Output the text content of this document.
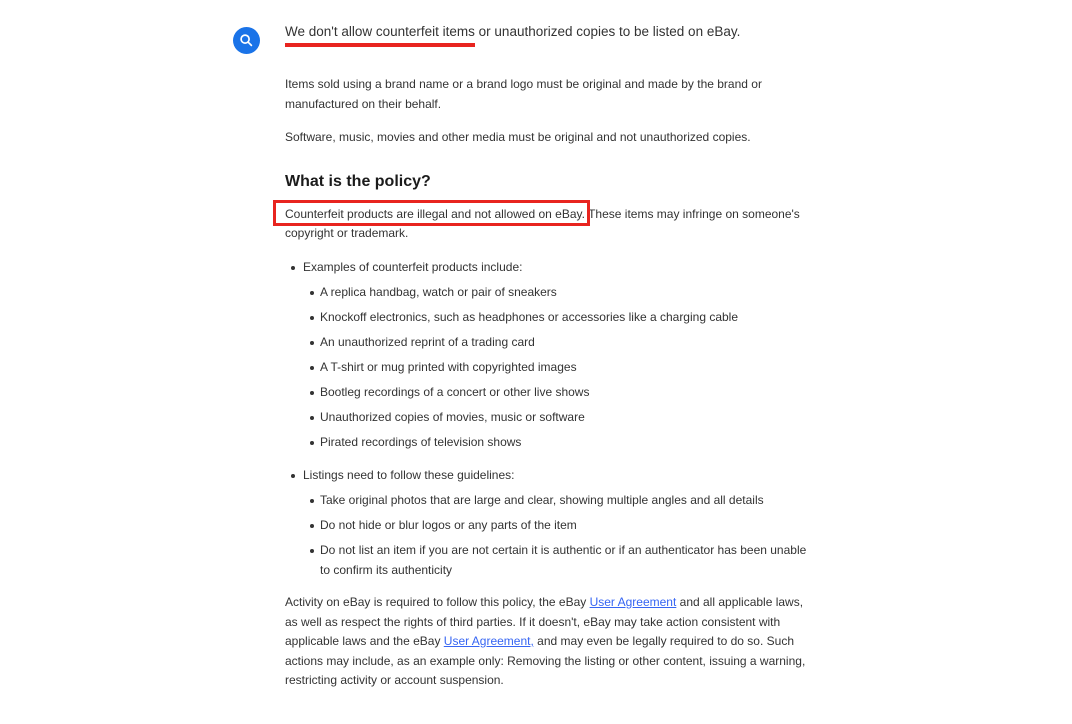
We don't allow counterfeit items or unauthorized copies to be listed on eBay.

Items sold using a brand name or a brand logo must be original and made by the brand or manufactured on their behalf.

Software, music, movies and other media must be original and not unauthorized copies.

What is the policy?

Counterfeit products are illegal and not allowed on eBay. These items may infringe on someone's copyright or trademark.

Examples of counterfeit products include:
A replica handbag, watch or pair of sneakers
Knockoff electronics, such as headphones or accessories like a charging cable
An unauthorized reprint of a trading card
A T-shirt or mug printed with copyrighted images
Bootleg recordings of a concert or other live shows
Unauthorized copies of movies, music or software
Pirated recordings of television shows
Listings need to follow these guidelines:
Take original photos that are large and clear, showing multiple angles and all details
Do not hide or blur logos or any parts of the item
Do not list an item if you are not certain it is authentic or if an authenticator has been unable to confirm its authenticity

Activity on eBay is required to follow this policy, the eBay User Agreement and all applicable laws, as well as respect the rights of third parties. If it doesn't, eBay may take action consistent with applicable laws and the eBay User Agreement, and may even be legally required to do so. Such actions may include, as an example only: Removing the listing or other content, issuing a warning, restricting activity or account suspension.
